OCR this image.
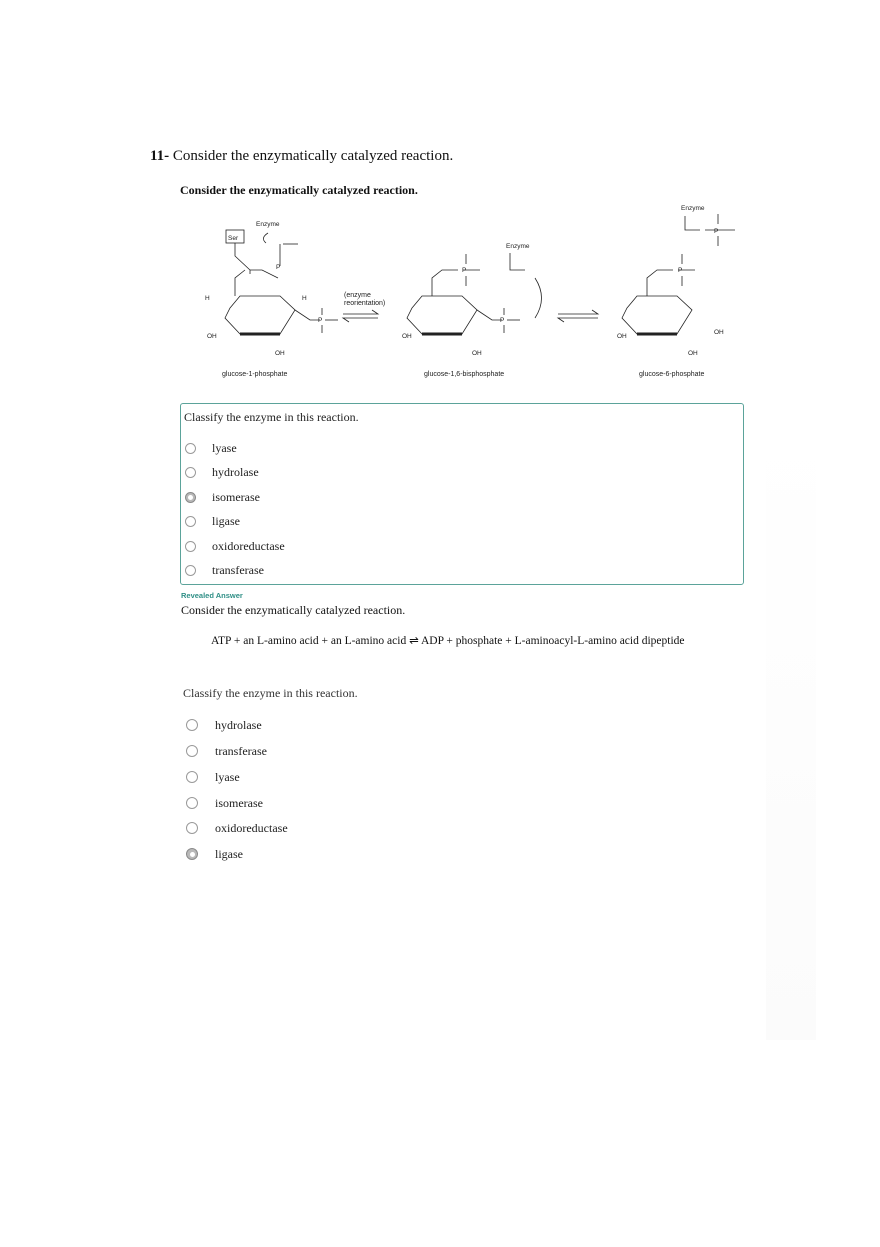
11- Consider the enzymatically catalyzed reaction.

Consider the enzymatically catalyzed reaction.

Ser
Enzyme
Enzyme
Enzyme
P	P	P
P	P
P
H	H
OH
OH
OH
OH
OH
OH
OH
(enzyme
reorientation)
glucose-1-phosphate	glucose-1,6-bisphosphate	glucose-6-phosphate

Classify the enzyme in this reaction.

lyase
hydrolase
isomerase
ligase
oxidoreductase
transferase

Revealed Answer

Consider the enzymatically catalyzed reaction.

ATP + an L-amino acid + an L-amino acid ⇌ ADP + phosphate + L-aminoacyl-L-amino acid dipeptide

Classify the enzyme in this reaction.

hydrolase
transferase
lyase
isomerase
oxidoreductase
ligase
